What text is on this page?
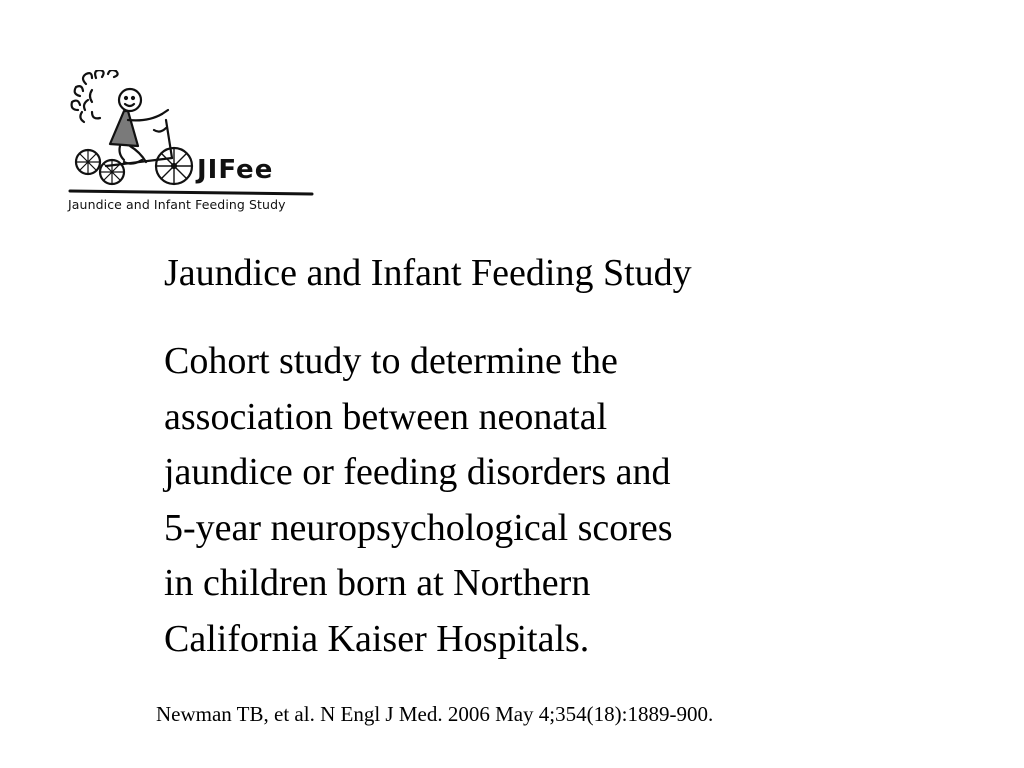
JIFee
Jaundice and Infant Feeding Study
Jaundice and Infant Feeding Study
Cohort study to determine the
association between neonatal
jaundice or feeding disorders and
5-year neuropsychological scores
in children born at Northern
California Kaiser Hospitals.
Newman TB, et al. N Engl J Med. 2006 May 4;354(18):1889-900.
